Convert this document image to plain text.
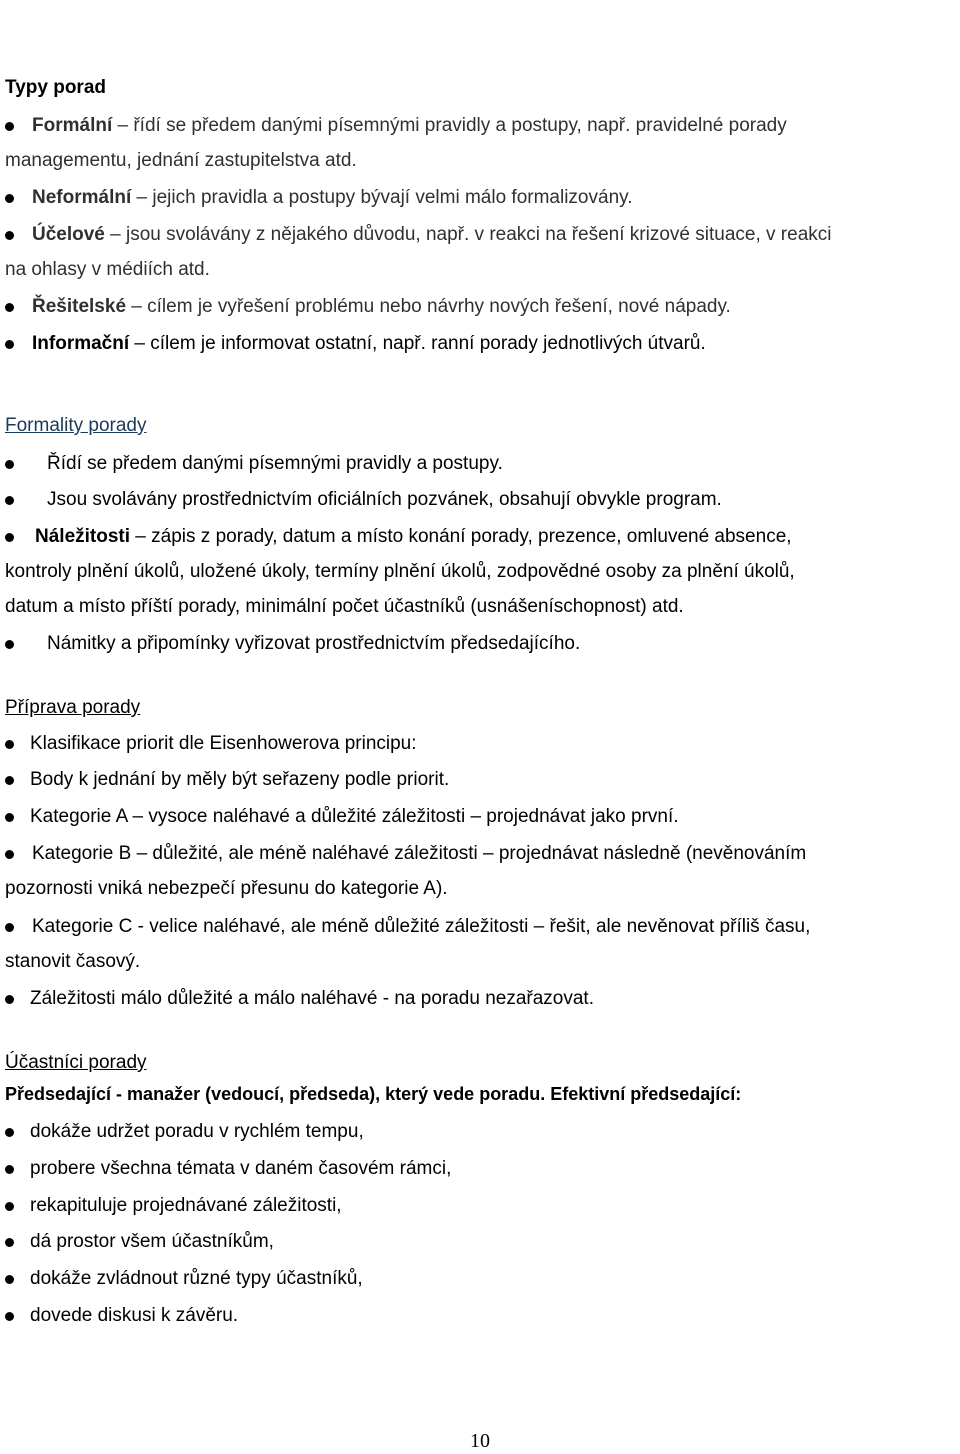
Typy porad
Formální – řídí se předem danými písemnými pravidly a postupy, např. pravidelné porady
managementu, jednání zastupitelstva atd.
Neformální – jejich pravidla a postupy bývají velmi málo formalizovány.
Účelové – jsou svolávány z nějakého důvodu, např. v reakci na řešení krizové situace, v reakci
na ohlasy v médiích atd.
Řešitelské – cílem je vyřešení problému nebo návrhy nových řešení, nové nápady.
Informační – cílem je informovat ostatní, např. ranní porady jednotlivých útvarů.
Formality porady
Řídí se předem danými písemnými pravidly a postupy.
Jsou svolávány prostřednictvím oficiálních pozvánek, obsahují obvykle program.
Náležitosti – zápis z porady, datum a místo konání porady, prezence, omluvené absence,
kontroly plnění úkolů, uložené úkoly, termíny plnění úkolů, zodpovědné osoby za plnění úkolů,
datum a místo příští porady, minimální počet účastníků (usnášeníschopnost) atd.
Námitky a připomínky vyřizovat prostřednictvím předsedajícího.
Příprava porady
Klasifikace priorit dle Eisenhowerova principu:
Body k jednání by měly být seřazeny podle priorit.
Kategorie A – vysoce naléhavé a důležité záležitosti – projednávat jako první.
Kategorie B – důležité, ale méně naléhavé záležitosti – projednávat následně (nevěnováním
pozornosti vniká nebezpečí přesunu do kategorie A).
Kategorie C - velice naléhavé, ale méně důležité záležitosti – řešit, ale nevěnovat příliš času,
stanovit časový.
Záležitosti málo důležité a málo naléhavé - na poradu nezařazovat.
Účastníci porady
Předsedající - manažer (vedoucí, předseda), který vede poradu. Efektivní předsedající:
dokáže udržet poradu v rychlém tempu,
probere všechna témata v daném časovém rámci,
rekapituluje projednávané záležitosti,
dá prostor všem účastníkům,
dokáže zvládnout různé typy účastníků,
dovede diskusi k závěru.
10
